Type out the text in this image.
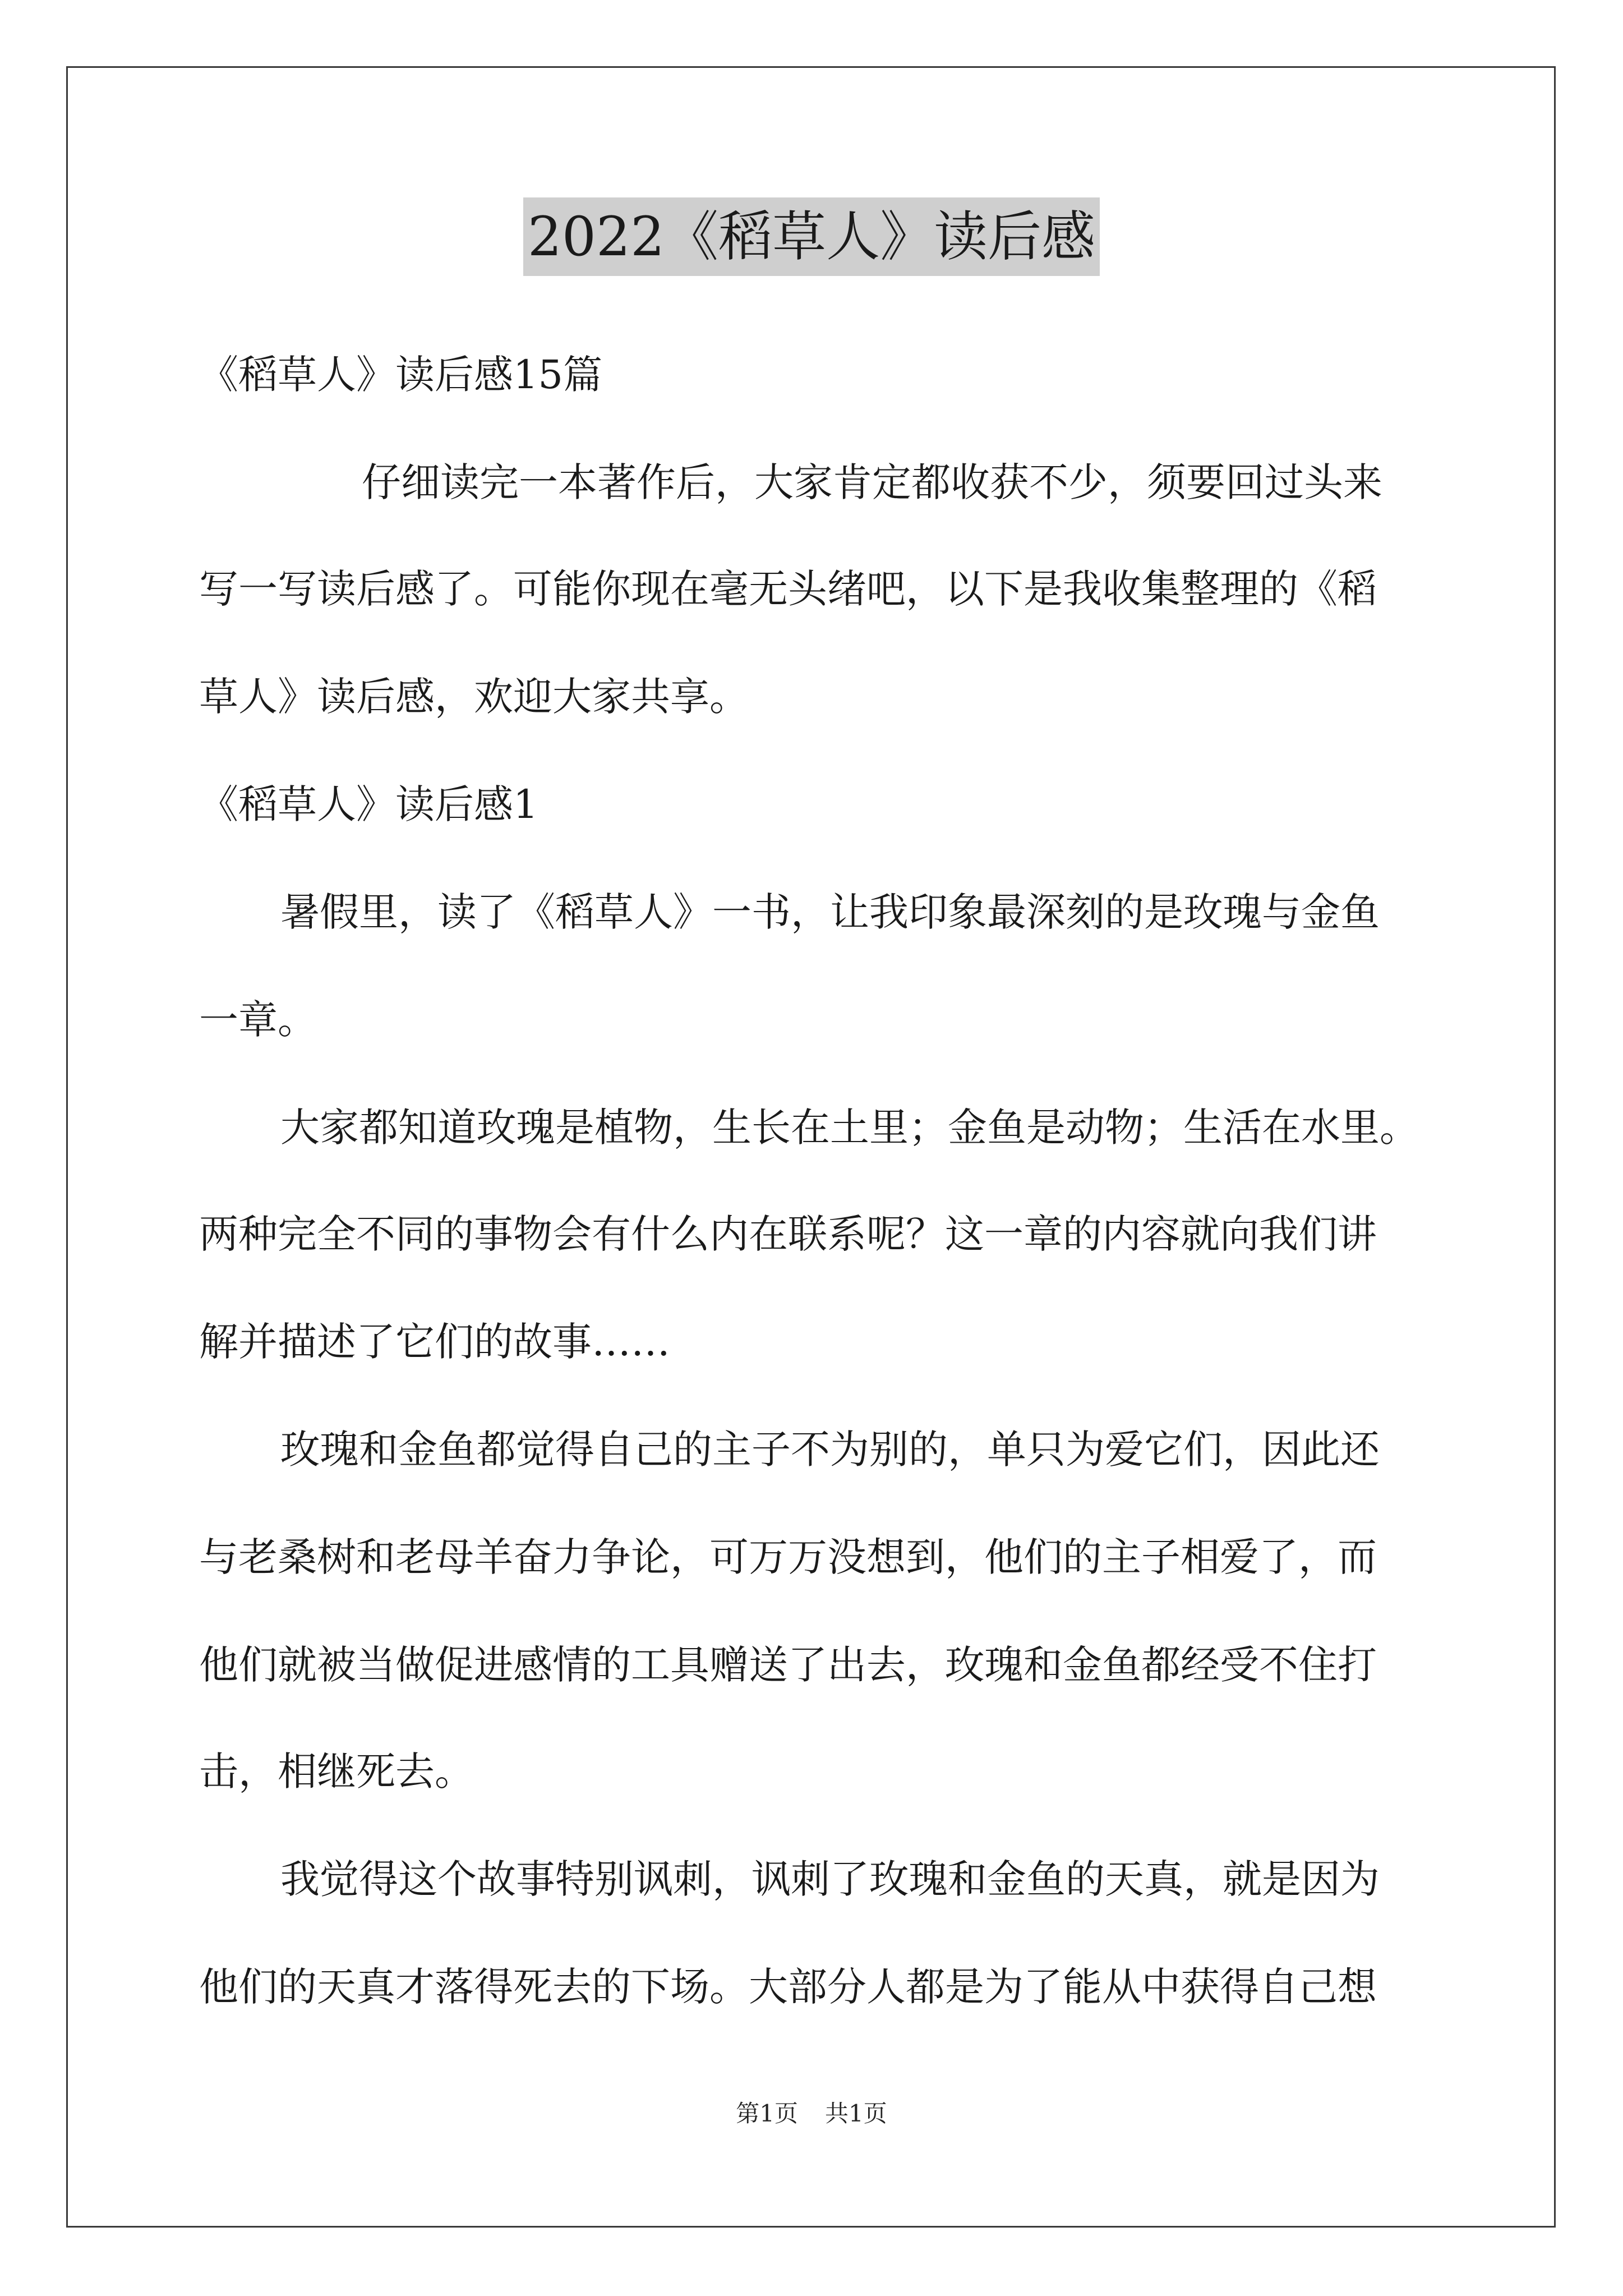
2022《稻草人》读后感
《稻草人》读后感15篇
仔细读完一本著作后，大家肯定都收获不少，须要回过头来
写一写读后感了。可能你现在毫无头绪吧，以下是我收集整理的《稻
草人》读后感，欢迎大家共享。
《稻草人》读后感1
暑假里，读了《稻草人》一书，让我印象最深刻的是玫瑰与金鱼
一章。
大家都知道玫瑰是植物，生长在土里；金鱼是动物；生活在水里。
两种完全不同的事物会有什么内在联系呢？这一章的内容就向我们讲
解并描述了它们的故事……
玫瑰和金鱼都觉得自己的主子不为别的，单只为爱它们，因此还
与老桑树和老母羊奋力争论，可万万没想到，他们的主子相爱了，而
他们就被当做促进感情的工具赠送了出去，玫瑰和金鱼都经受不住打
击，相继死去。
我觉得这个故事特别讽刺，讽刺了玫瑰和金鱼的天真，就是因为
他们的天真才落得死去的下场。大部分人都是为了能从中获得自己想
第1页 共1页
